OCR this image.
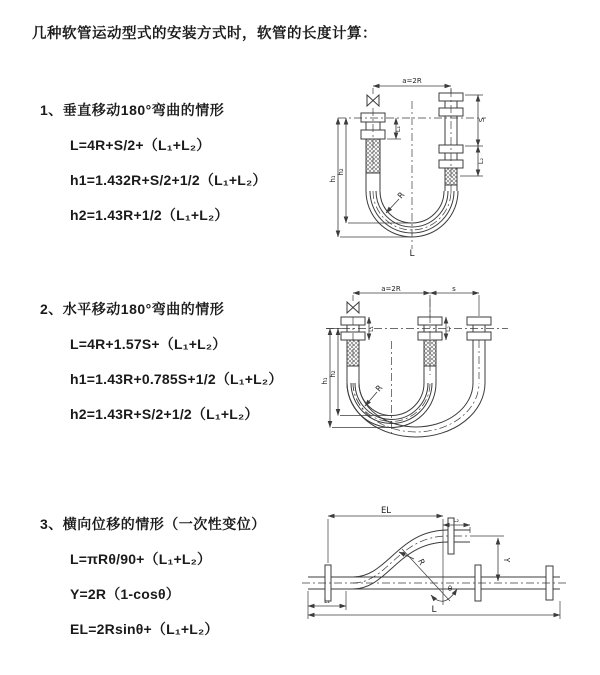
几种软管运动型式的安装方式时，软管的长度计算：
1、垂直移动180°弯曲的情形
L=4R+S/2+（L₁+L₂）
h1=1.432R+S/2+1/2（L₁+L₂）
h2=1.43R+1/2（L₁+L₂）
a=2R
S
L₂
L₁
h₁
h₂
R
L
2、水平移动180°弯曲的情形
L=4R+1.57S+（L₁+L₂）
h1=1.43R+0.785S+1/2（L₁+L₂）
h2=1.43R+S/2+1/2（L₁+L₂）
a=2R	s
h₁
h₂
L₁	L₂
R
3、横向位移的情形（一次性变位）
L=πRθ/90+（L₁+L₂）
Y=2R（1-cosθ）
EL=2Rsinθ+（L₁+L₂）
EL
L₂
Y
R
θ
L₁
L
